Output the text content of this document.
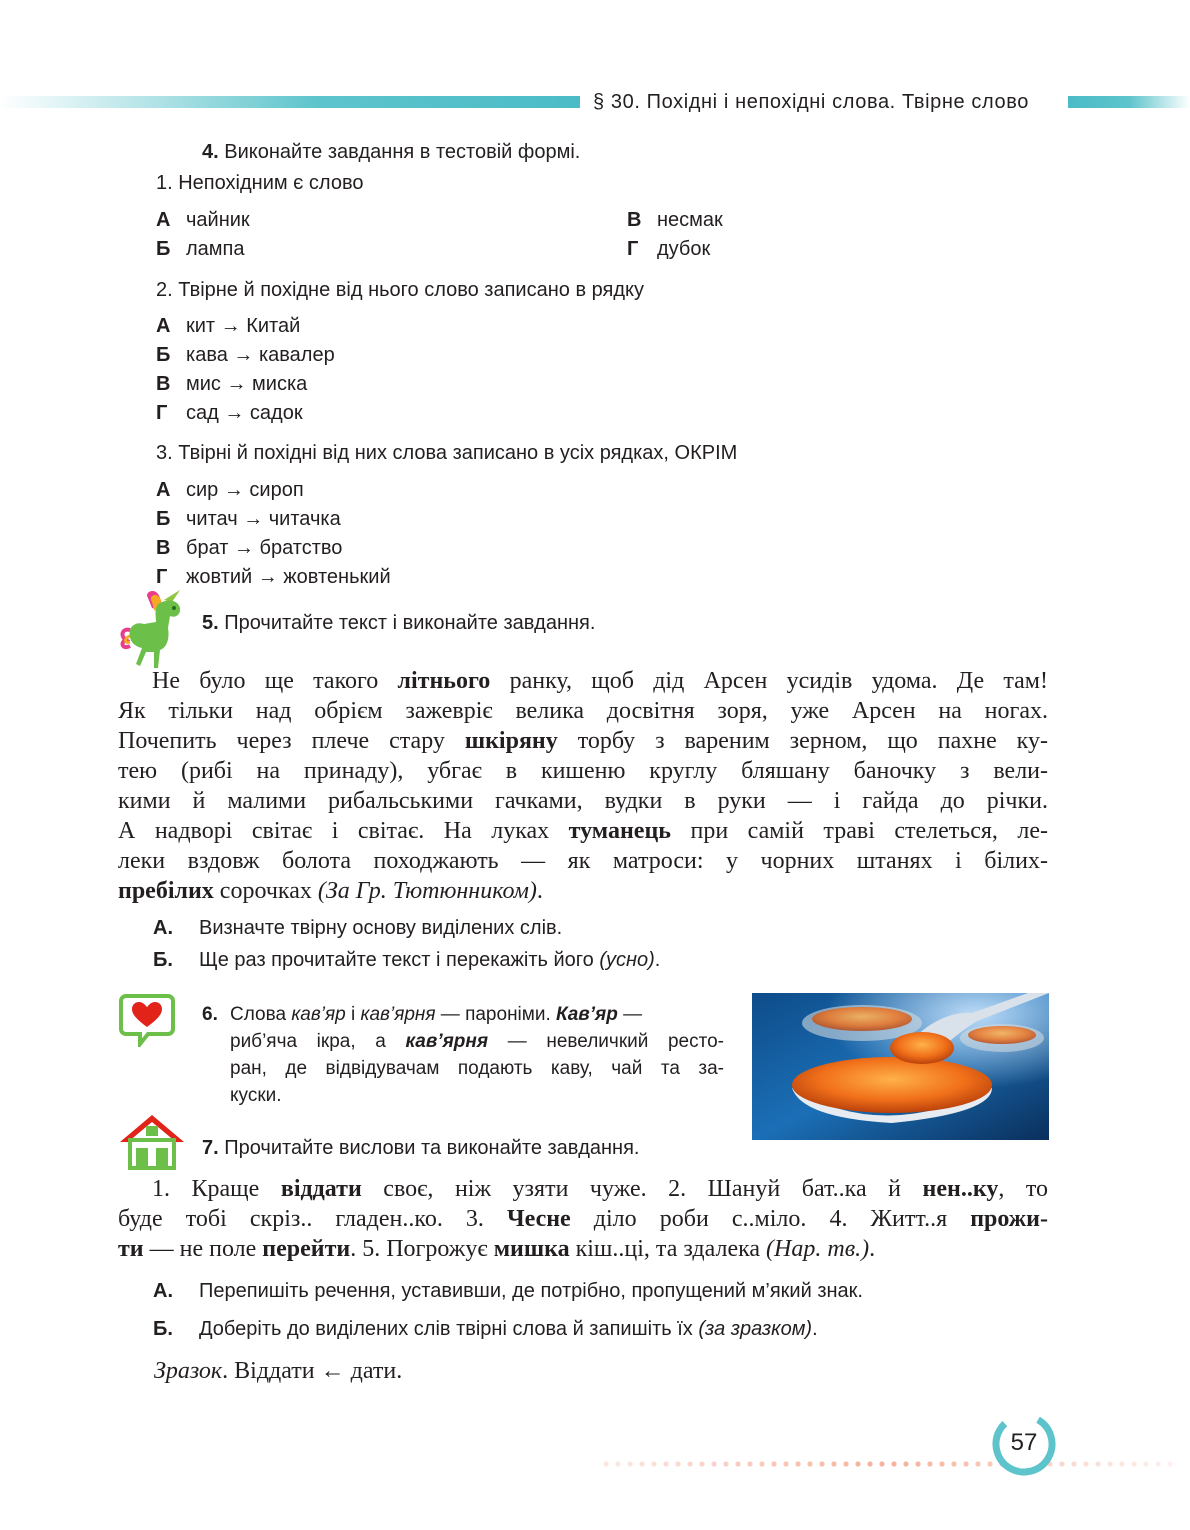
§ 30. Похідні і непохідні слова. Твірне слово
4. Виконайте завдання в тестовій формі.
1. Непохідним є слово
А чайник
Б лампа
В несмак
Г дубок
2. Твірне й похідне від нього слово записано в рядку
А кит → Китай
Б кава → кавалер
В мис → миска
Г сад → садок
3. Твірні й похідні від них слова записано в усіх рядках, ОКРІМ
А сир → сироп
Б читач → читачка
В брат → братство
Г жовтий → жовтенький
5. Прочитайте текст і виконайте завдання.
Не було ще такого літнього ранку, щоб дід Арсен усидів удома. Де там!
Як тільки над обрієм зажевріє велика досвітня зоря, уже Арсен на ногах.
Почепить через плече стару шкіряну торбу з вареним зерном, що пахне ку-
тею (рибі на принаду), убгає в кишеню круглу бляшану баночку з вели-
кими й малими рибальськими гачками, вудки в руки — і гайда до річки.
А надворі світає і світає. На луках туманець при самій траві стелеться, ле-
леки вздовж болота походжають — як матроси: у чорних штанях і білих-
пребілих сорочках (За Гр. Тютюнником).
А. Визначте твірну основу виділених слів.
Б. Ще раз прочитайте текст і перекажіть його (усно).
6. Слова кав’яр і кав’ярня — пароніми. Кав’яр —
риб’яча ікра, а кав’ярня — невеличкий ресто-
ран, де відвідувачам подають каву, чай та за-
куски.
7. Прочитайте вислови та виконайте завдання.
1. Краще віддати своє, ніж узяти чуже. 2. Шануй бат..ка й нен..ку, то
буде тобі скріз.. гладен..ко. 3. Чесне діло роби с..міло. 4. Житт..я прожи-
ти — не поле перейти. 5. Погрожує мишка кіш..ці, та здалека (Нар. тв.).
А. Перепишіть речення, уставивши, де потрібно, пропущений м’який знак.
Б. Доберіть до виділених слів твірні слова й запишіть їх (за зразком).
Зразок. Віддати ← дати.
57
